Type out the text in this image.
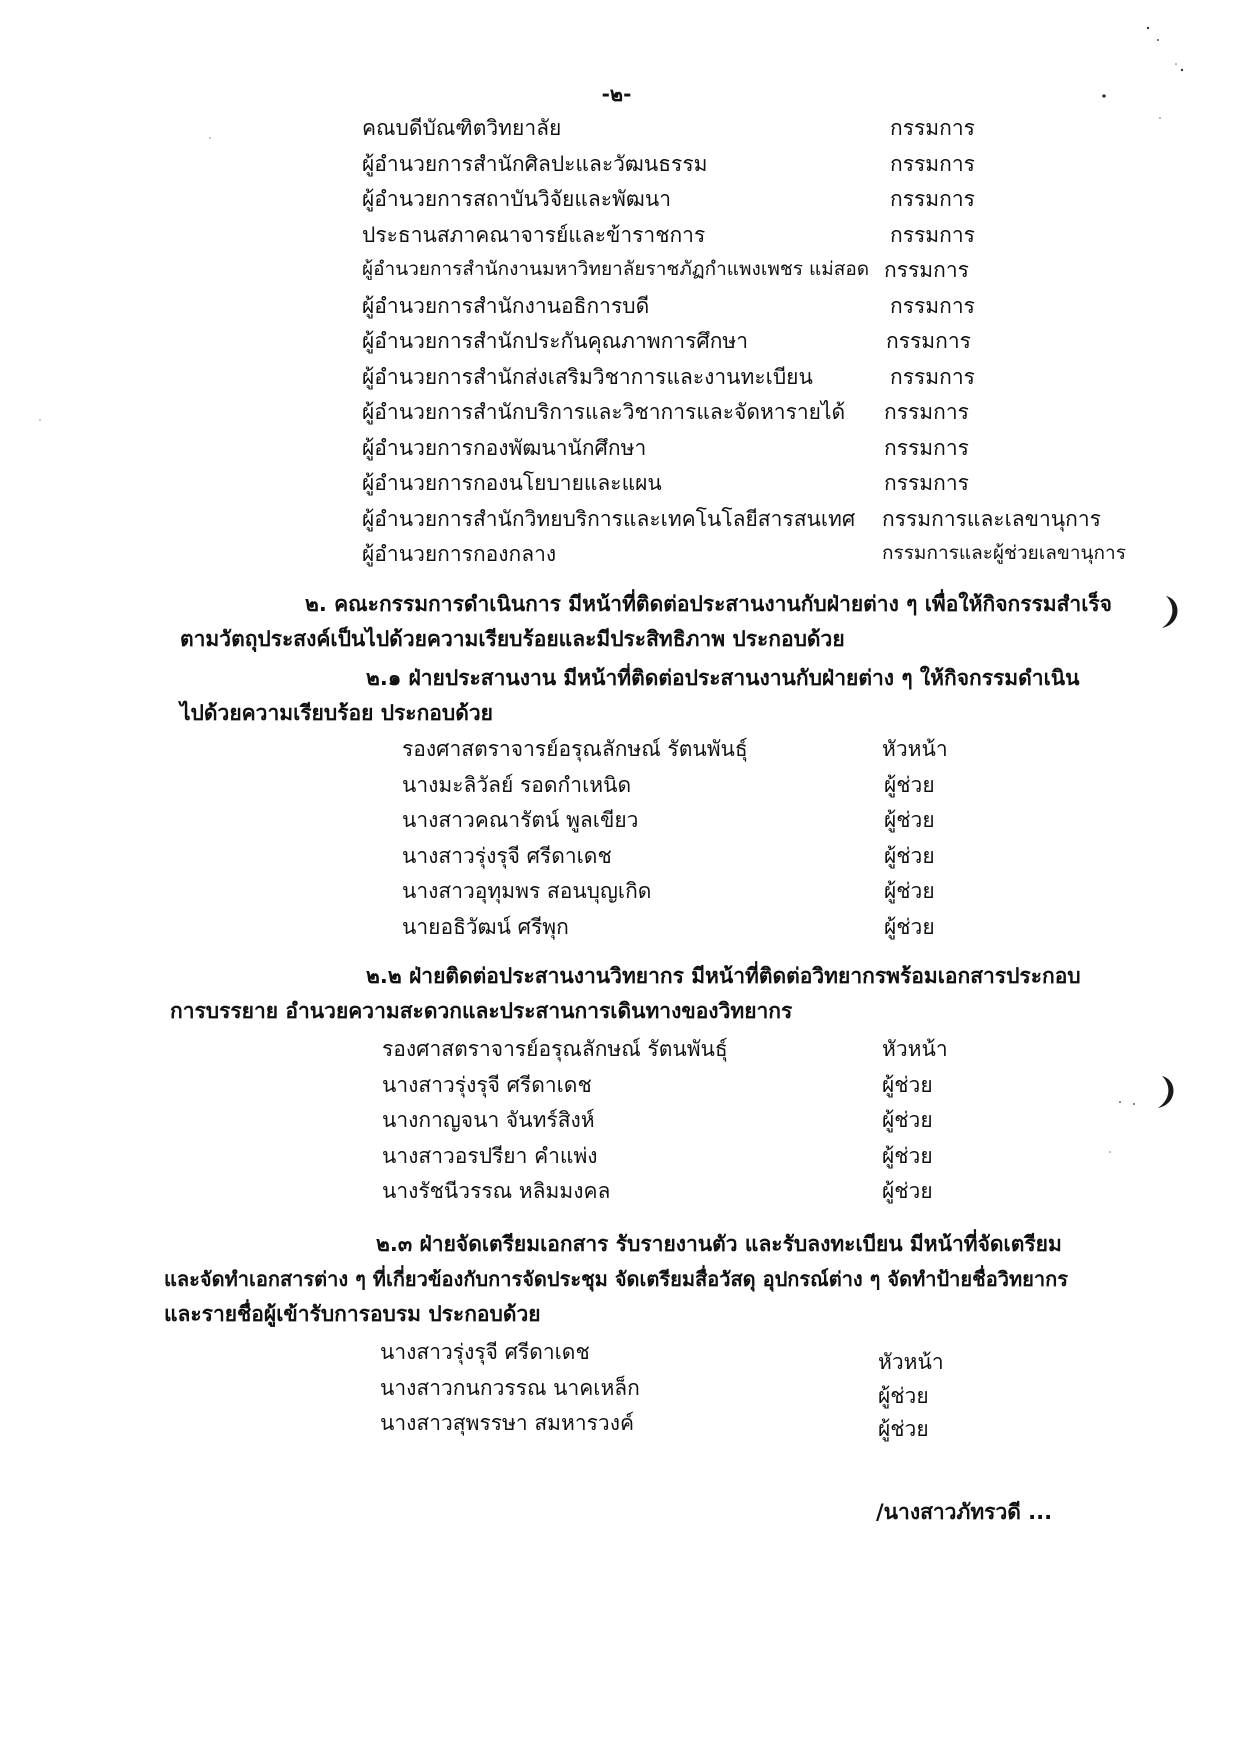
-๒-
คณบดีบัณฑิตวิทยาลัย	กรรมการ
ผู้อำนวยการสำนักศิลปะและวัฒนธรรม	กรรมการ
ผู้อำนวยการสถาบันวิจัยและพัฒนา	กรรมการ
ประธานสภาคณาจารย์และข้าราชการ	กรรมการ
ผู้อำนวยการสำนักงานมหาวิทยาลัยราชภัฏกำแพงเพชร แม่สอด กรรมการ
ผู้อำนวยการสำนักงานอธิการบดี	กรรมการ
ผู้อำนวยการสำนักประกันคุณภาพการศึกษา	กรรมการ
ผู้อำนวยการสำนักส่งเสริมวิชาการและงานทะเบียน	กรรมการ
ผู้อำนวยการสำนักบริการและวิชาการและจัดหารายได้ กรรมการ
ผู้อำนวยการกองพัฒนานักศึกษา	กรรมการ
ผู้อำนวยการกองนโยบายและแผน	กรรมการ
ผู้อำนวยการสำนักวิทยบริการและเทคโนโลยีสารสนเทศ กรรมการและเลขานุการ
ผู้อำนวยการกองกลาง	กรรมการและผู้ช่วยเลขานุการ
๒. คณะกรรมการดำเนินการ มีหน้าที่ติดต่อประสานงานกับฝ่ายต่าง ๆ เพื่อให้กิจกรรมสำเร็จ
ตามวัตถุประสงค์เป็นไปด้วยความเรียบร้อยและมีประสิทธิภาพ ประกอบด้วย
๒.๑ ฝ่ายประสานงาน มีหน้าที่ติดต่อประสานงานกับฝ่ายต่าง ๆ ให้กิจกรรมดำเนิน
ไปด้วยความเรียบร้อย ประกอบด้วย
รองศาสตราจารย์อรุณลักษณ์ รัตนพันธุ์	หัวหน้า
นางมะลิวัลย์ รอดกำเหนิด	ผู้ช่วย
นางสาวคณารัตน์ พูลเขียว	ผู้ช่วย
นางสาวรุ่งรุจี ศรีดาเดช	ผู้ช่วย
นางสาวอุทุมพร สอนบุญเกิด	ผู้ช่วย
นายอธิวัฒน์ ศรีพุก	ผู้ช่วย
๒.๒ ฝ่ายติดต่อประสานงานวิทยากร มีหน้าที่ติดต่อวิทยากรพร้อมเอกสารประกอบ
การบรรยาย อำนวยความสะดวกและประสานการเดินทางของวิทยากร
รองศาสตราจารย์อรุณลักษณ์ รัตนพันธุ์	หัวหน้า
นางสาวรุ่งรุจี ศรีดาเดช	ผู้ช่วย
นางกาญจนา จันทร์สิงห์	ผู้ช่วย
นางสาวอรปรียา คำแพ่ง	ผู้ช่วย
นางรัชนีวรรณ หลิมมงคล	ผู้ช่วย
๒.๓ ฝ่ายจัดเตรียมเอกสาร รับรายงานตัว และรับลงทะเบียน มีหน้าที่จัดเตรียม
และจัดทำเอกสารต่าง ๆ ที่เกี่ยวข้องกับการจัดประชุม จัดเตรียมสื่อวัสดุ อุปกรณ์ต่าง ๆ จัดทำป้ายชื่อวิทยากร
และรายชื่อผู้เข้ารับการอบรม ประกอบด้วย
นางสาวรุ่งรุจี ศรีดาเดช	หัวหน้า
นางสาวกนกวรรณ นาคเหล็ก	ผู้ช่วย
นางสาวสุพรรษา สมหารวงค์	ผู้ช่วย
/นางสาวภัทรวดี ...
